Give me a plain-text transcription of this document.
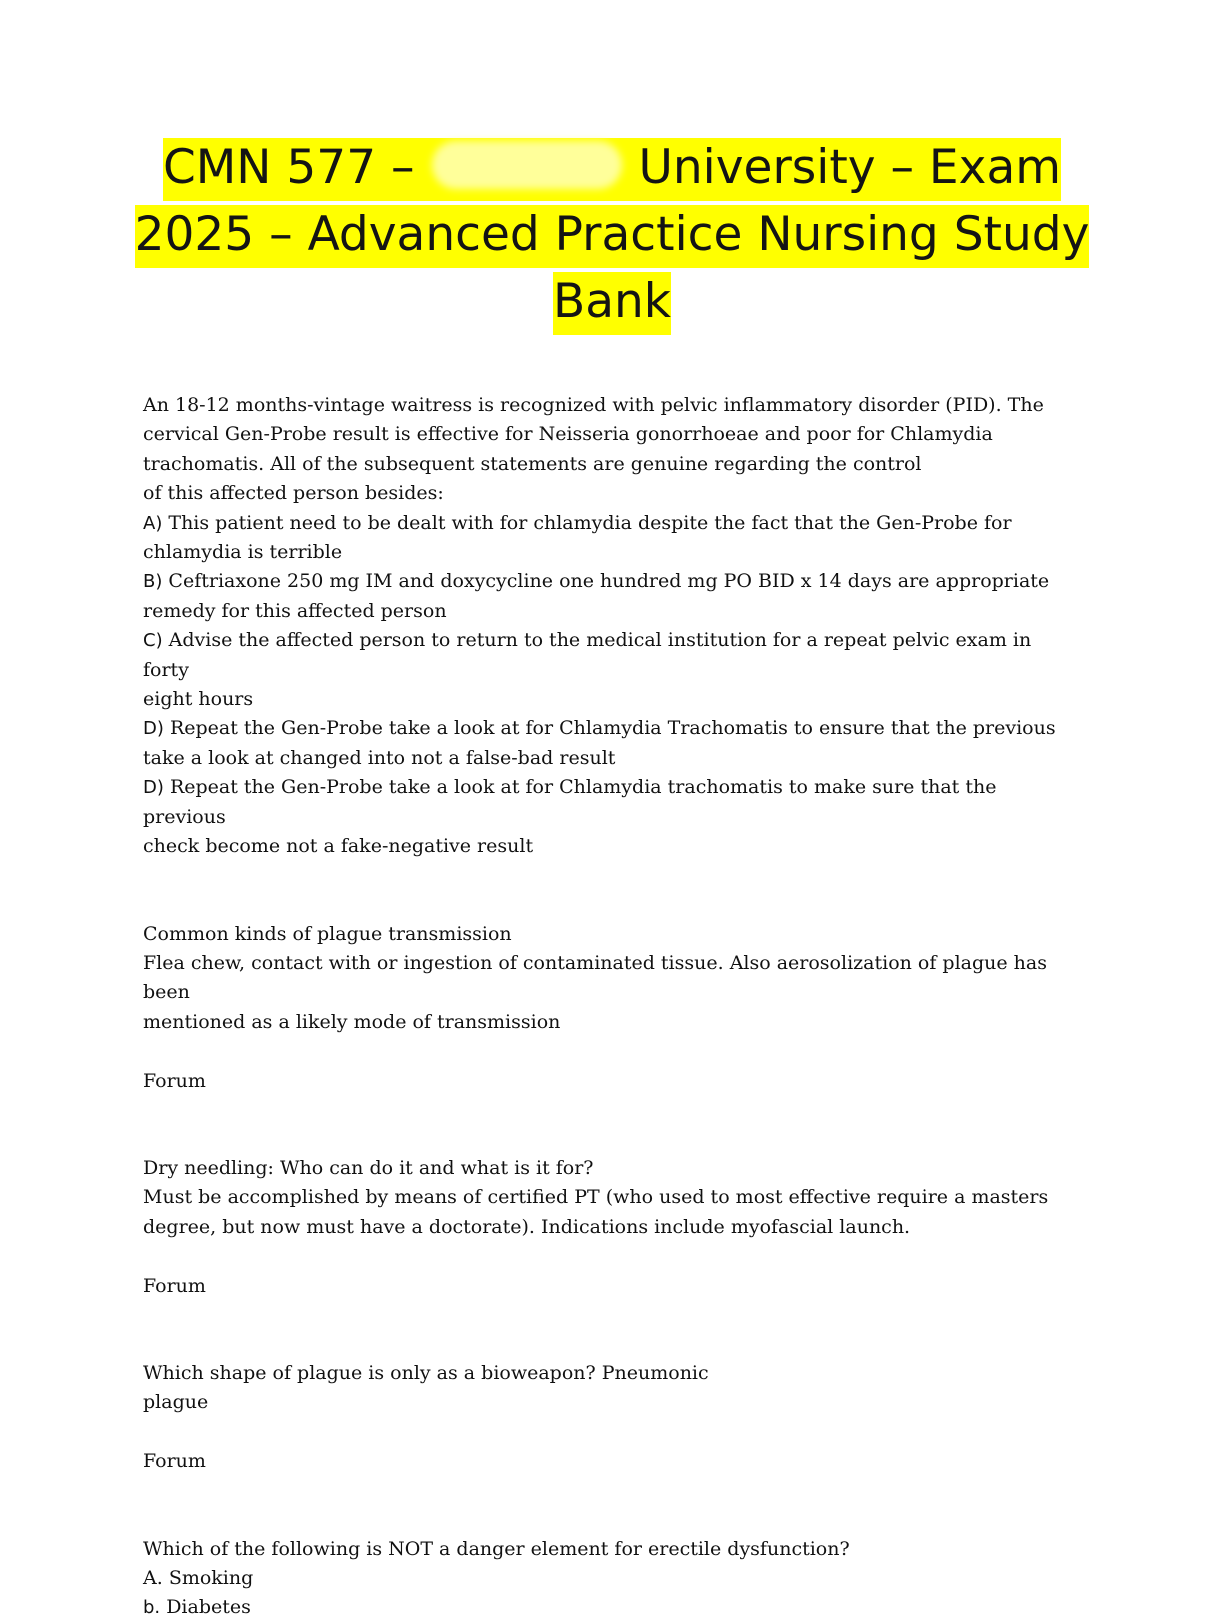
CMN 577 –	University – Exam
2025 – Advanced Practice Nursing Study
Bank

An 18-12 months-vintage waitress is recognized with pelvic inflammatory disorder (PID). The

cervical Gen-Probe result is effective for Neisseria gonorrhoeae and poor for Chlamydia

trachomatis. All of the subsequent statements are genuine regarding the control

of this affected person besides:

A) This patient need to be dealt with for chlamydia despite the fact that the Gen-Probe for

chlamydia is terrible

B) Ceftriaxone 250 mg IM and doxycycline one hundred mg PO BID x 14 days are appropriate

remedy for this affected person

C) Advise the affected person to return to the medical institution for a repeat pelvic exam in forty

eight hours

D) Repeat the Gen-Probe take a look at for Chlamydia Trachomatis to ensure that the previous

take a look at changed into not a false-bad result

D) Repeat the Gen-Probe take a look at for Chlamydia trachomatis to make sure that the previous

check become not a fake-negative result

Common kinds of plague transmission

Flea chew, contact with or ingestion of contaminated tissue. Also aerosolization of plague has been

mentioned as a likely mode of transmission

Forum

Dry needling: Who can do it and what is it for?

Must be accomplished by means of certified PT (who used to most effective require a masters

degree, but now must have a doctorate). Indications include myofascial launch.

Forum

Which shape of plague is only as a bioweapon? Pneumonic

plague

Forum

Which of the following is NOT a danger element for erectile dysfunction?

A. Smoking

b. Diabetes
